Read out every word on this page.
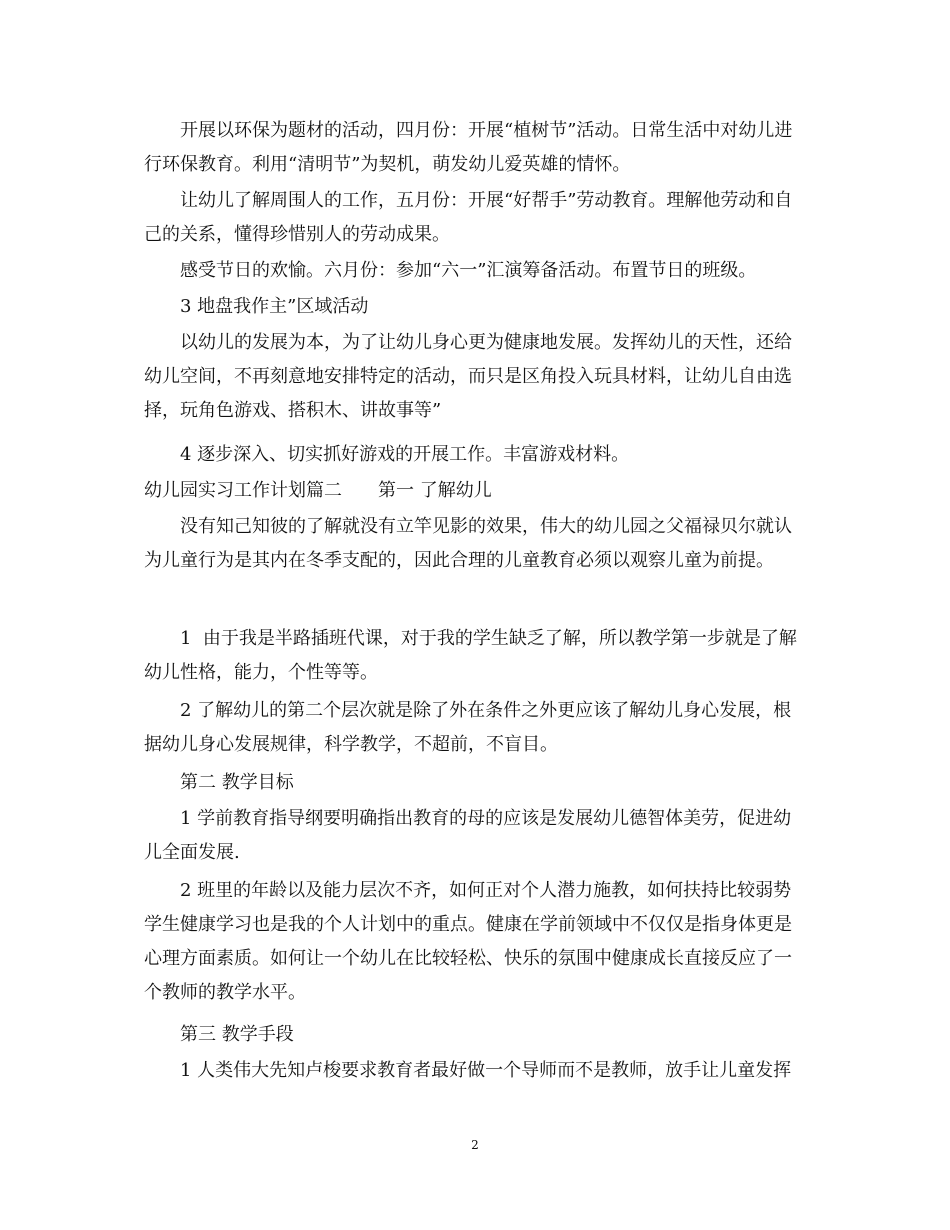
　　开展以环保为题材的活动，四月份：开展“植树节”活动。日常生活中对幼儿进行环保教育。利用“清明节”为契机，萌发幼儿爱英雄的情怀。

　　让幼儿了解周围人的工作，五月份：开展“好帮手”劳动教育。理解他劳动和自己的关系，懂得珍惜别人的劳动成果。

　　感受节日的欢愉。六月份：参加“六一”汇演筹备活动。布置节日的班级。

　　3 地盘我作主”区域活动

　　以幼儿的发展为本，为了让幼儿身心更为健康地发展。发挥幼儿的天性，还给幼儿空间，不再刻意地安排特定的活动，而只是区角投入玩具材料，让幼儿自由选择，玩角色游戏、搭积木、讲故事等”

　　4 逐步深入、切实抓好游戏的开展工作。丰富游戏材料。

幼儿园实习工作计划篇二　　第一 了解幼儿

　　没有知己知彼的了解就没有立竿见影的效果，伟大的幼儿园之父福禄贝尔就认为儿童行为是其内在冬季支配的，因此合理的儿童教育必须以观察儿童为前提。

　　1  由于我是半路插班代课，对于我的学生缺乏了解，所以教学第一步就是了解幼儿性格，能力，个性等等。

　　2 了解幼儿的第二个层次就是除了外在条件之外更应该了解幼儿身心发展，根据幼儿身心发展规律，科学教学，不超前，不盲目。

　　第二 教学目标

　　1 学前教育指导纲要明确指出教育的母的应该是发展幼儿德智体美劳，促进幼儿全面发展.

　　2 班里的年龄以及能力层次不齐，如何正对个人潜力施教，如何扶持比较弱势学生健康学习也是我的个人计划中的重点。健康在学前领域中不仅仅是指身体更是心理方面素质。如何让一个幼儿在比较轻松、快乐的氛围中健康成长直接反应了一个教师的教学水平。

　　第三 教学手段

　　1 人类伟大先知卢梭要求教育者最好做一个导师而不是教师，放手让儿童发挥

2
